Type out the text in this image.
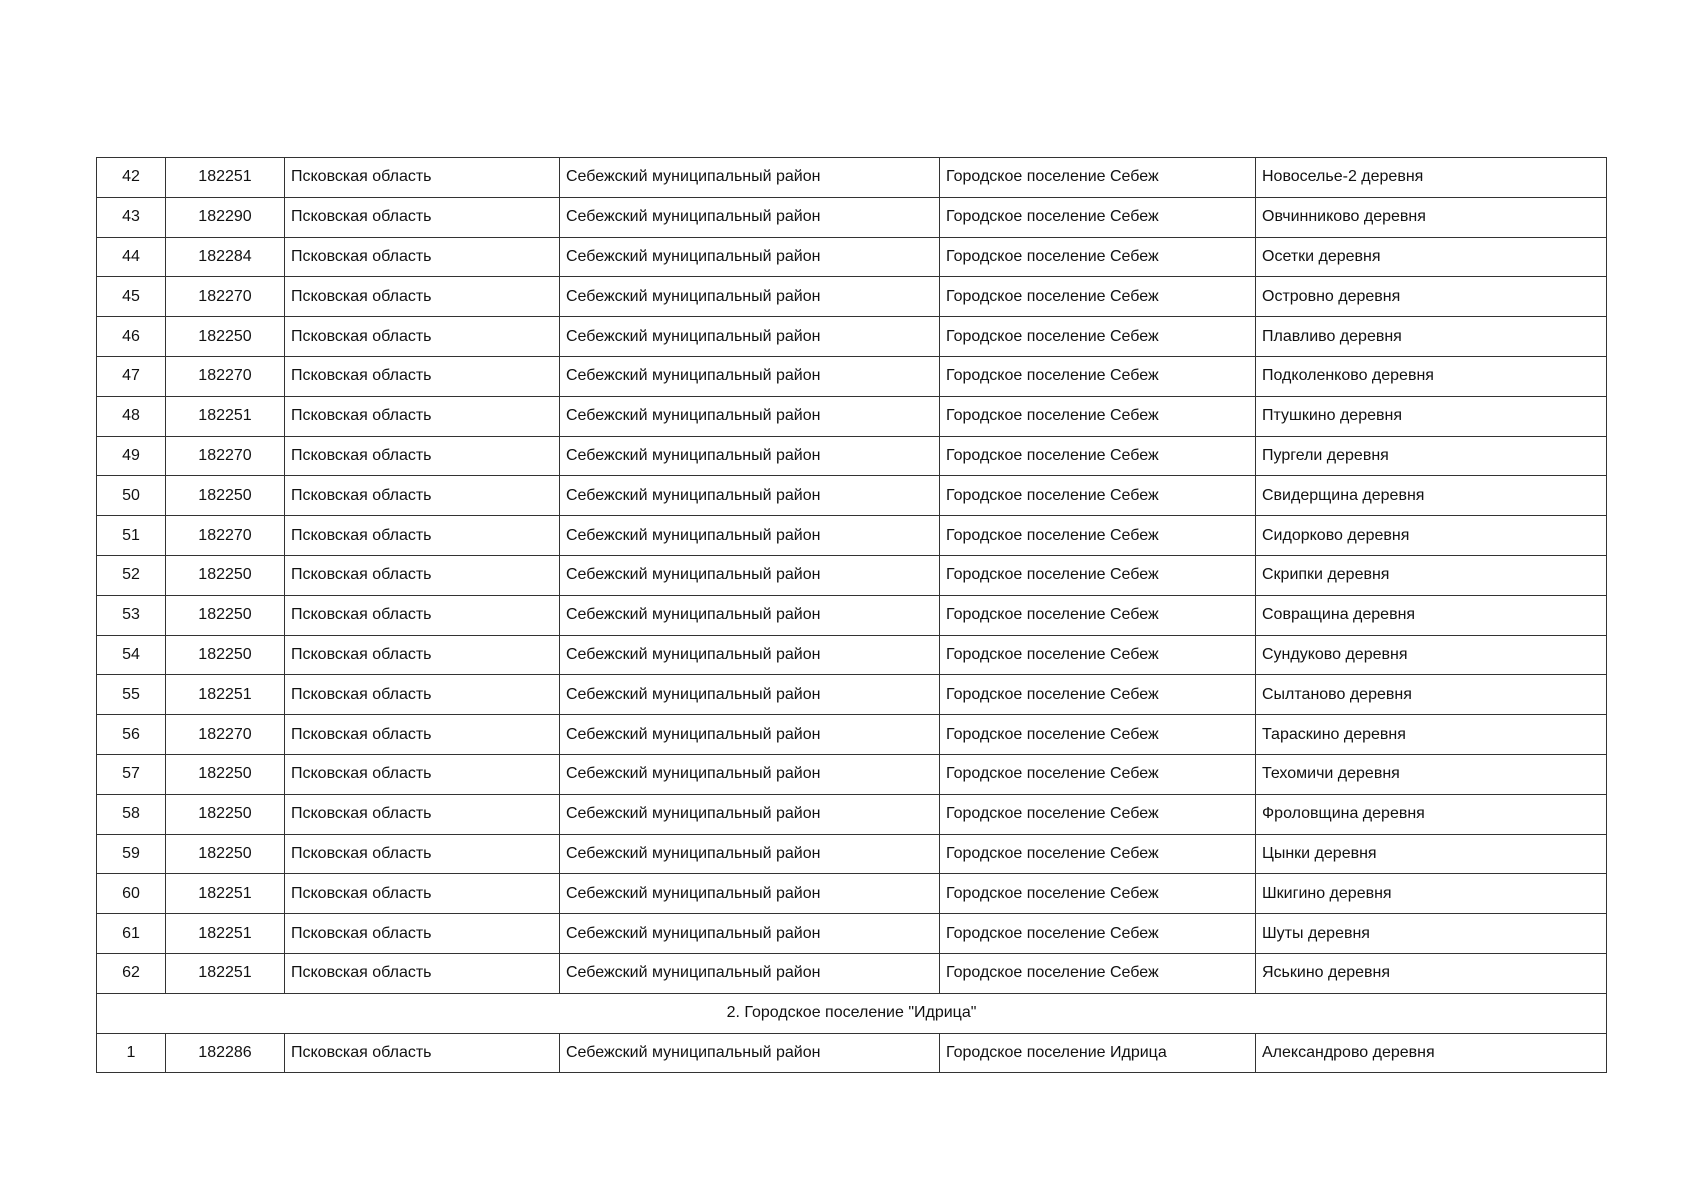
42	182251	Псковская область	Себежский муниципальный район	Городское поселение Себеж	Новоселье-2 деревня
43	182290	Псковская область	Себежский муниципальный район	Городское поселение Себеж	Овчинниково деревня
44	182284	Псковская область	Себежский муниципальный район	Городское поселение Себеж	Осетки деревня
45	182270	Псковская область	Себежский муниципальный район	Городское поселение Себеж	Островно деревня
46	182250	Псковская область	Себежский муниципальный район	Городское поселение Себеж	Плавливо деревня
47	182270	Псковская область	Себежский муниципальный район	Городское поселение Себеж	Подколенково деревня
48	182251	Псковская область	Себежский муниципальный район	Городское поселение Себеж	Птушкино деревня
49	182270	Псковская область	Себежский муниципальный район	Городское поселение Себеж	Пургели деревня
50	182250	Псковская область	Себежский муниципальный район	Городское поселение Себеж	Свидерщина деревня
51	182270	Псковская область	Себежский муниципальный район	Городское поселение Себеж	Сидорково деревня
52	182250	Псковская область	Себежский муниципальный район	Городское поселение Себеж	Скрипки деревня
53	182250	Псковская область	Себежский муниципальный район	Городское поселение Себеж	Совращина деревня
54	182250	Псковская область	Себежский муниципальный район	Городское поселение Себеж	Сундуково деревня
55	182251	Псковская область	Себежский муниципальный район	Городское поселение Себеж	Сылтаново деревня
56	182270	Псковская область	Себежский муниципальный район	Городское поселение Себеж	Тараскино деревня
57	182250	Псковская область	Себежский муниципальный район	Городское поселение Себеж	Техомичи деревня
58	182250	Псковская область	Себежский муниципальный район	Городское поселение Себеж	Фроловщина деревня
59	182250	Псковская область	Себежский муниципальный район	Городское поселение Себеж	Цынки деревня
60	182251	Псковская область	Себежский муниципальный район	Городское поселение Себеж	Шкигино деревня
61	182251	Псковская область	Себежский муниципальный район	Городское поселение Себеж	Шуты деревня
62	182251	Псковская область	Себежский муниципальный район	Городское поселение Себеж	Яськино деревня
2. Городское поселение "Идрица"					
1	182286	Псковская область	Себежский муниципальный район	Городское поселение Идрица	Александрово деревня
